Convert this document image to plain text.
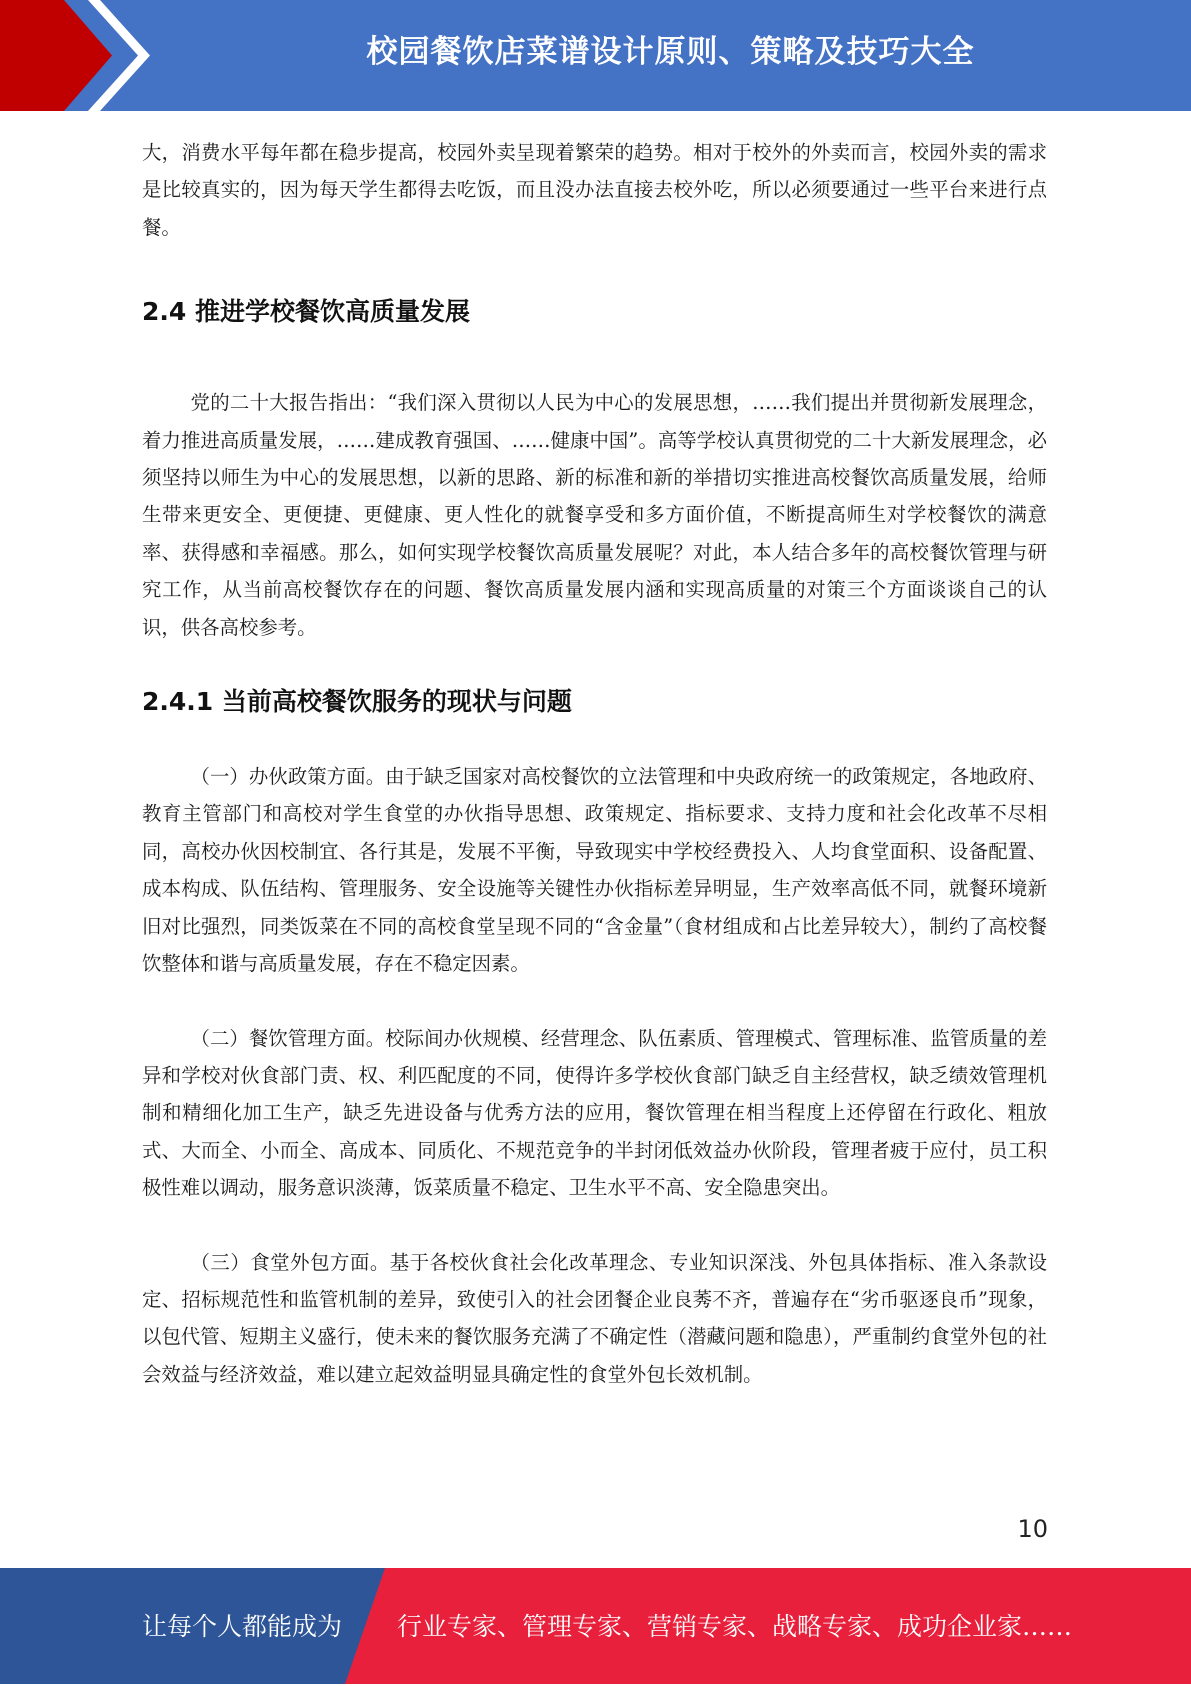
校园餐饮店菜谱设计原则、策略及技巧大全

大，消费水平每年都在稳步提高，校园外卖呈现着繁荣的趋势。相对于校外的外卖而言，校园外卖的需求是比较真实的，因为每天学生都得去吃饭，而且没办法直接去校外吃，所以必须要通过一些平台来进行点餐。

2.4 推进学校餐饮高质量发展

党的二十大报告指出：“我们深入贯彻以人民为中心的发展思想，……我们提出并贯彻新发展理念，着力推进高质量发展，……建成教育强国、……健康中国”。高等学校认真贯彻党的二十大新发展理念，必须坚持以师生为中心的发展思想，以新的思路、新的标准和新的举措切实推进高校餐饮高质量发展，给师生带来更安全、更便捷、更健康、更人性化的就餐享受和多方面价值，不断提高师生对学校餐饮的满意率、获得感和幸福感。那么，如何实现学校餐饮高质量发展呢？对此，本人结合多年的高校餐饮管理与研究工作，从当前高校餐饮存在的问题、餐饮高质量发展内涵和实现高质量的对策三个方面谈谈自己的认识，供各高校参考。

2.4.1 当前高校餐饮服务的现状与问题

（一）办伙政策方面。由于缺乏国家对高校餐饮的立法管理和中央政府统一的政策规定，各地政府、教育主管部门和高校对学生食堂的办伙指导思想、政策规定、指标要求、支持力度和社会化改革不尽相同，高校办伙因校制宜、各行其是，发展不平衡，导致现实中学校经费投入、人均食堂面积、设备配置、成本构成、队伍结构、管理服务、安全设施等关键性办伙指标差异明显，生产效率高低不同，就餐环境新旧对比强烈，同类饭菜在不同的高校食堂呈现不同的“含金量”（食材组成和占比差异较大），制约了高校餐饮整体和谐与高质量发展，存在不稳定因素。

（二）餐饮管理方面。校际间办伙规模、经营理念、队伍素质、管理模式、管理标准、监管质量的差异和学校对伙食部门责、权、利匹配度的不同，使得许多学校伙食部门缺乏自主经营权，缺乏绩效管理机制和精细化加工生产，缺乏先进设备与优秀方法的应用，餐饮管理在相当程度上还停留在行政化、粗放式、大而全、小而全、高成本、同质化、不规范竞争的半封闭低效益办伙阶段，管理者疲于应付，员工积极性难以调动，服务意识淡薄，饭菜质量不稳定、卫生水平不高、安全隐患突出。

（三）食堂外包方面。基于各校伙食社会化改革理念、专业知识深浅、外包具体指标、准入条款设定、招标规范性和监管机制的差异，致使引入的社会团餐企业良莠不齐，普遍存在“劣币驱逐良币”现象，以包代管、短期主义盛行，使未来的餐饮服务充满了不确定性（潜藏问题和隐患），严重制约食堂外包的社会效益与经济效益，难以建立起效益明显具确定性的食堂外包长效机制。

10
让每个人都能成为 行业专家、管理专家、营销专家、战略专家、成功企业家……
